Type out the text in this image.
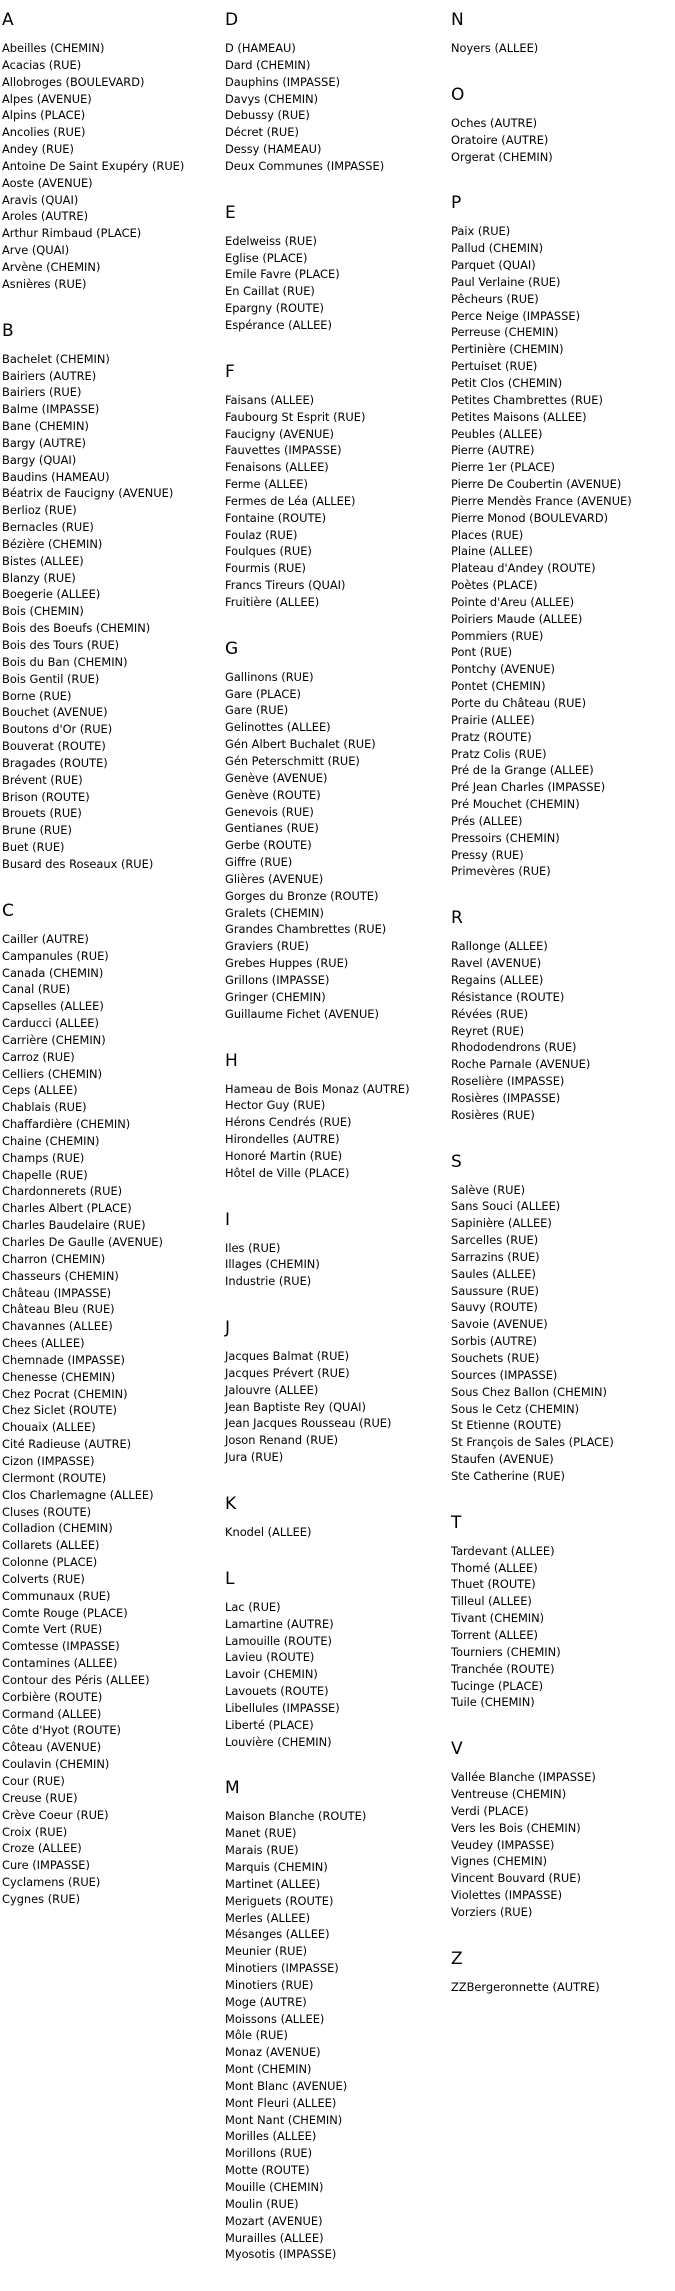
A
Abeilles (CHEMIN)
Acacias (RUE)
Allobroges (BOULEVARD)
Alpes (AVENUE)
Alpins (PLACE)
Ancolies (RUE)
Andey (RUE)
Antoine De Saint Exupéry (RUE)
Aoste (AVENUE)
Aravis (QUAI)
Aroles (AUTRE)
Arthur Rimbaud (PLACE)
Arve (QUAI)
Arvène (CHEMIN)
Asnières (RUE)
B
Bachelet (CHEMIN)
Bairiers (AUTRE)
Bairiers (RUE)
Balme (IMPASSE)
Bane (CHEMIN)
Bargy (AUTRE)
Bargy (QUAI)
Baudins (HAMEAU)
Béatrix de Faucigny (AVENUE)
Berlioz (RUE)
Bernacles (RUE)
Bézière (CHEMIN)
Bistes (ALLEE)
Blanzy (RUE)
Boegerie (ALLEE)
Bois (CHEMIN)
Bois des Boeufs (CHEMIN)
Bois des Tours (RUE)
Bois du Ban (CHEMIN)
Bois Gentil (RUE)
Borne (RUE)
Bouchet (AVENUE)
Boutons d'Or (RUE)
Bouverat (ROUTE)
Bragades (ROUTE)
Brévent (RUE)
Brison (ROUTE)
Brouets (RUE)
Brune (RUE)
Buet (RUE)
Busard des Roseaux (RUE)
C
Cailler (AUTRE)
Campanules (RUE)
Canada (CHEMIN)
Canal (RUE)
Capselles (ALLEE)
Carducci (ALLEE)
Carrière (CHEMIN)
Carroz (RUE)
Celliers (CHEMIN)
Ceps (ALLEE)
Chablais (RUE)
Chaffardière (CHEMIN)
Chaine (CHEMIN)
Champs (RUE)
Chapelle (RUE)
Chardonnerets (RUE)
Charles Albert (PLACE)
Charles Baudelaire (RUE)
Charles De Gaulle (AVENUE)
Charron (CHEMIN)
Chasseurs (CHEMIN)
Château (IMPASSE)
Château Bleu (RUE)
Chavannes (ALLEE)
Chees (ALLEE)
Chemnade (IMPASSE)
Chenesse (CHEMIN)
Chez Pocrat (CHEMIN)
Chez Siclet (ROUTE)
Chouaix (ALLEE)
Cité Radieuse (AUTRE)
Cizon (IMPASSE)
Clermont (ROUTE)
Clos Charlemagne (ALLEE)
Cluses (ROUTE)
Colladion (CHEMIN)
Collarets (ALLEE)
Colonne (PLACE)
Colverts (RUE)
Communaux (RUE)
Comte Rouge (PLACE)
Comte Vert (RUE)
Comtesse (IMPASSE)
Contamines (ALLEE)
Contour des Péris (ALLEE)
Corbière (ROUTE)
Cormand (ALLEE)
Côte d'Hyot (ROUTE)
Côteau (AVENUE)
Coulavin (CHEMIN)
Cour (RUE)
Creuse (RUE)
Crève Coeur (RUE)
Croix (RUE)
Croze (ALLEE)
Cure (IMPASSE)
Cyclamens (RUE)
Cygnes (RUE)
D
D (HAMEAU)
Dard (CHEMIN)
Dauphins (IMPASSE)
Davys (CHEMIN)
Debussy (RUE)
Décret (RUE)
Dessy (HAMEAU)
Deux Communes (IMPASSE)
E
Edelweiss (RUE)
Eglise (PLACE)
Emile Favre (PLACE)
En Caillat (RUE)
Epargny (ROUTE)
Espérance (ALLEE)
F
Faisans (ALLEE)
Faubourg St Esprit (RUE)
Faucigny (AVENUE)
Fauvettes (IMPASSE)
Fenaisons (ALLEE)
Ferme (ALLEE)
Fermes de Léa (ALLEE)
Fontaine (ROUTE)
Foulaz (RUE)
Foulques (RUE)
Fourmis (RUE)
Francs Tireurs (QUAI)
Fruitière (ALLEE)
G
Gallinons (RUE)
Gare (PLACE)
Gare (RUE)
Gelinottes (ALLEE)
Gén Albert Buchalet (RUE)
Gén Peterschmitt (RUE)
Genève (AVENUE)
Genève (ROUTE)
Genevois (RUE)
Gentianes (RUE)
Gerbe (ROUTE)
Giffre (RUE)
Glières (AVENUE)
Gorges du Bronze (ROUTE)
Gralets (CHEMIN)
Grandes Chambrettes (RUE)
Graviers (RUE)
Grebes Huppes (RUE)
Grillons (IMPASSE)
Gringer (CHEMIN)
Guillaume Fichet (AVENUE)
H
Hameau de Bois Monaz (AUTRE)
Hector Guy (RUE)
Hérons Cendrés (RUE)
Hirondelles (AUTRE)
Honoré Martin (RUE)
Hôtel de Ville (PLACE)
I
Iles (RUE)
Illages (CHEMIN)
Industrie (RUE)
J
Jacques Balmat (RUE)
Jacques Prévert (RUE)
Jalouvre (ALLEE)
Jean Baptiste Rey (QUAI)
Jean Jacques Rousseau (RUE)
Joson Renand (RUE)
Jura (RUE)
K
Knodel (ALLEE)
L
Lac (RUE)
Lamartine (AUTRE)
Lamouille (ROUTE)
Lavieu (ROUTE)
Lavoir (CHEMIN)
Lavouets (ROUTE)
Libellules (IMPASSE)
Liberté (PLACE)
Louvière (CHEMIN)
M
Maison Blanche (ROUTE)
Manet (RUE)
Marais (RUE)
Marquis (CHEMIN)
Martinet (ALLEE)
Meriguets (ROUTE)
Merles (ALLEE)
Mésanges (ALLEE)
Meunier (RUE)
Minotiers (IMPASSE)
Minotiers (RUE)
Moge (AUTRE)
Moissons (ALLEE)
Môle (RUE)
Monaz (AVENUE)
Mont (CHEMIN)
Mont Blanc (AVENUE)
Mont Fleuri (ALLEE)
Mont Nant (CHEMIN)
Morilles (ALLEE)
Morillons (RUE)
Motte (ROUTE)
Mouille (CHEMIN)
Moulin (RUE)
Mozart (AVENUE)
Murailles (ALLEE)
Myosotis (IMPASSE)
N
Noyers (ALLEE)
O
Oches (AUTRE)
Oratoire (AUTRE)
Orgerat (CHEMIN)
P
Paix (RUE)
Pallud (CHEMIN)
Parquet (QUAI)
Paul Verlaine (RUE)
Pêcheurs (RUE)
Perce Neige (IMPASSE)
Perreuse (CHEMIN)
Pertinière (CHEMIN)
Pertuiset (RUE)
Petit Clos (CHEMIN)
Petites Chambrettes (RUE)
Petites Maisons (ALLEE)
Peubles (ALLEE)
Pierre (AUTRE)
Pierre 1er (PLACE)
Pierre De Coubertin (AVENUE)
Pierre Mendès France (AVENUE)
Pierre Monod (BOULEVARD)
Places (RUE)
Plaine (ALLEE)
Plateau d'Andey (ROUTE)
Poètes (PLACE)
Pointe d'Areu (ALLEE)
Poiriers Maude (ALLEE)
Pommiers (RUE)
Pont (RUE)
Pontchy (AVENUE)
Pontet (CHEMIN)
Porte du Château (RUE)
Prairie (ALLEE)
Pratz (ROUTE)
Pratz Colis (RUE)
Pré de la Grange (ALLEE)
Pré Jean Charles (IMPASSE)
Pré Mouchet (CHEMIN)
Prés (ALLEE)
Pressoirs (CHEMIN)
Pressy (RUE)
Primevères (RUE)
R
Rallonge (ALLEE)
Ravel (AVENUE)
Regains (ALLEE)
Résistance (ROUTE)
Révées (RUE)
Reyret (RUE)
Rhododendrons (RUE)
Roche Parnale (AVENUE)
Roselière (IMPASSE)
Rosières (IMPASSE)
Rosières (RUE)
S
Salève (RUE)
Sans Souci (ALLEE)
Sapinière (ALLEE)
Sarcelles (RUE)
Sarrazins (RUE)
Saules (ALLEE)
Saussure (RUE)
Sauvy (ROUTE)
Savoie (AVENUE)
Sorbis (AUTRE)
Souchets (RUE)
Sources (IMPASSE)
Sous Chez Ballon (CHEMIN)
Sous le Cetz (CHEMIN)
St Etienne (ROUTE)
St François de Sales (PLACE)
Staufen (AVENUE)
Ste Catherine (RUE)
T
Tardevant (ALLEE)
Thomé (ALLEE)
Thuet (ROUTE)
Tilleul (ALLEE)
Tivant (CHEMIN)
Torrent (ALLEE)
Tourniers (CHEMIN)
Tranchée (ROUTE)
Tucinge (PLACE)
Tuile (CHEMIN)
V
Vallée Blanche (IMPASSE)
Ventreuse (CHEMIN)
Verdi (PLACE)
Vers les Bois (CHEMIN)
Veudey (IMPASSE)
Vignes (CHEMIN)
Vincent Bouvard (RUE)
Violettes (IMPASSE)
Vorziers (RUE)
Z
ZZBergeronnette (AUTRE)
